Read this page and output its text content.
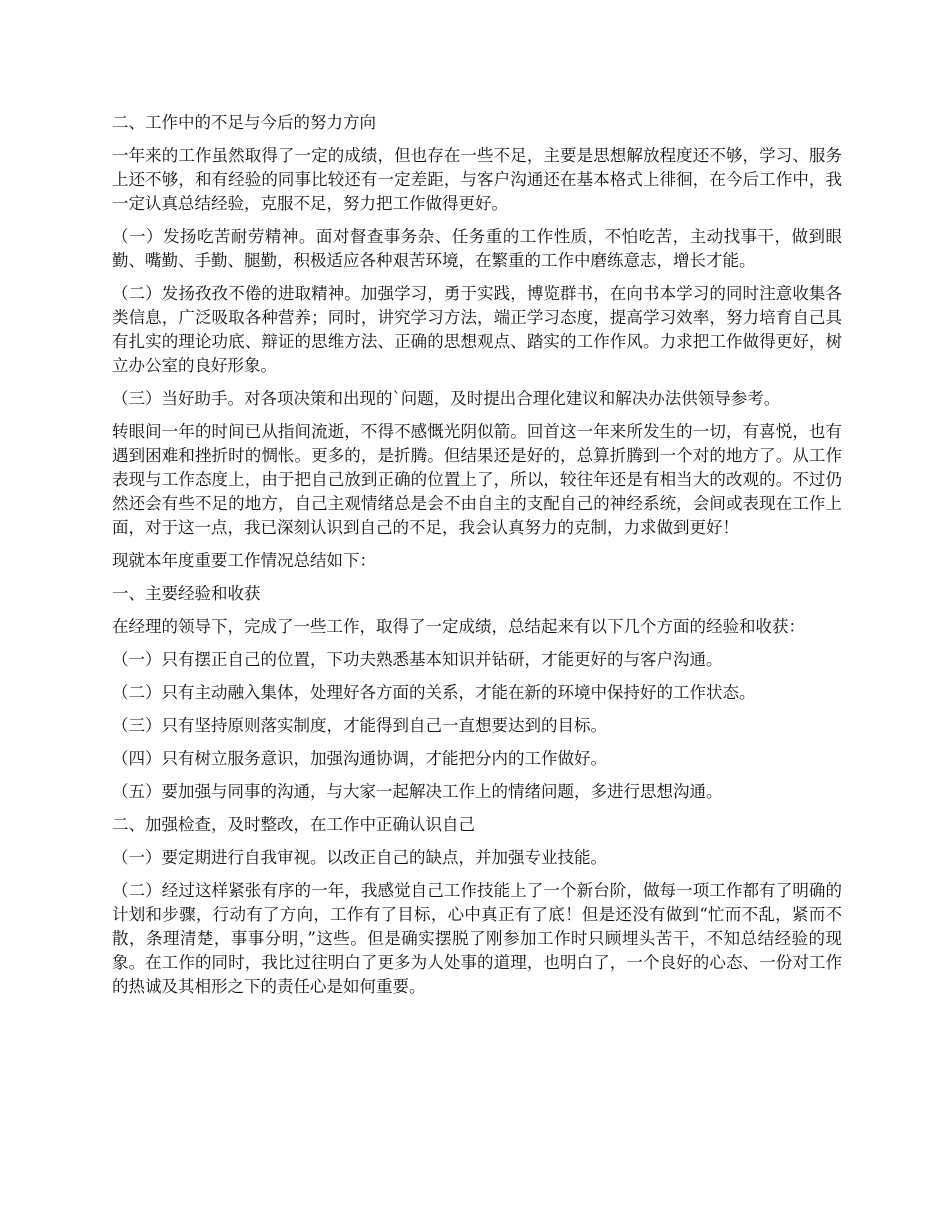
二、工作中的不足与今后的努力方向

一年来的工作虽然取得了一定的成绩，但也存在一些不足，主要是思想解放程度还不够，学习、服务上还不够，和有经验的同事比较还有一定差距，与客户沟通还在基本格式上徘徊，在今后工作中，我一定认真总结经验，克服不足，努力把工作做得更好。

（一）发扬吃苦耐劳精神。面对督查事务杂、任务重的工作性质，不怕吃苦，主动找事干，做到眼勤、嘴勤、手勤、腿勤，积极适应各种艰苦环境，在繁重的工作中磨练意志，增长才能。

（二）发扬孜孜不倦的进取精神。加强学习，勇于实践，博览群书，在向书本学习的同时注意收集各类信息，广泛吸取各种营养；同时，讲究学习方法，端正学习态度，提高学习效率，努力培育自己具有扎实的理论功底、辩证的思维方法、正确的思想观点、踏实的工作作风。力求把工作做得更好，树立办公室的良好形象。

（三）当好助手。对各项决策和出现的`问题，及时提出合理化建议和解决办法供领导参考。

转眼间一年的时间已从指间流逝，不得不感慨光阴似箭。回首这一年来所发生的一切，有喜悦，也有遇到困难和挫折时的惆怅。更多的，是折腾。但结果还是好的，总算折腾到一个对的地方了。从工作表现与工作态度上，由于把自己放到正确的位置上了，所以，较往年还是有相当大的改观的。不过仍然还会有些不足的地方，自己主观情绪总是会不由自主的支配自己的神经系统，会间或表现在工作上面，对于这一点，我已深刻认识到自己的不足，我会认真努力的克制，力求做到更好！

现就本年度重要工作情况总结如下：

一、主要经验和收获

在经理的领导下，完成了一些工作，取得了一定成绩，总结起来有以下几个方面的经验和收获：

（一）只有摆正自己的位置，下功夫熟悉基本知识并钻研，才能更好的与客户沟通。

（二）只有主动融入集体，处理好各方面的关系，才能在新的环境中保持好的工作状态。

（三）只有坚持原则落实制度，才能得到自己一直想要达到的目标。

（四）只有树立服务意识，加强沟通协调，才能把分内的工作做好。

（五）要加强与同事的沟通，与大家一起解决工作上的情绪问题，多进行思想沟通。

二、加强检查，及时整改，在工作中正确认识自己

（一）要定期进行自我审视。以改正自己的缺点，并加强专业技能。

（二）经过这样紧张有序的一年，我感觉自己工作技能上了一个新台阶，做每一项工作都有了明确的计划和步骤，行动有了方向，工作有了目标，心中真正有了底！但是还没有做到“忙而不乱，紧而不散，条理清楚，事事分明，”这些。但是确实摆脱了刚参加工作时只顾埋头苦干，不知总结经验的现象。在工作的同时，我比过往明白了更多为人处事的道理，也明白了，一个良好的心态、一份对工作的热诚及其相形之下的责任心是如何重要。
